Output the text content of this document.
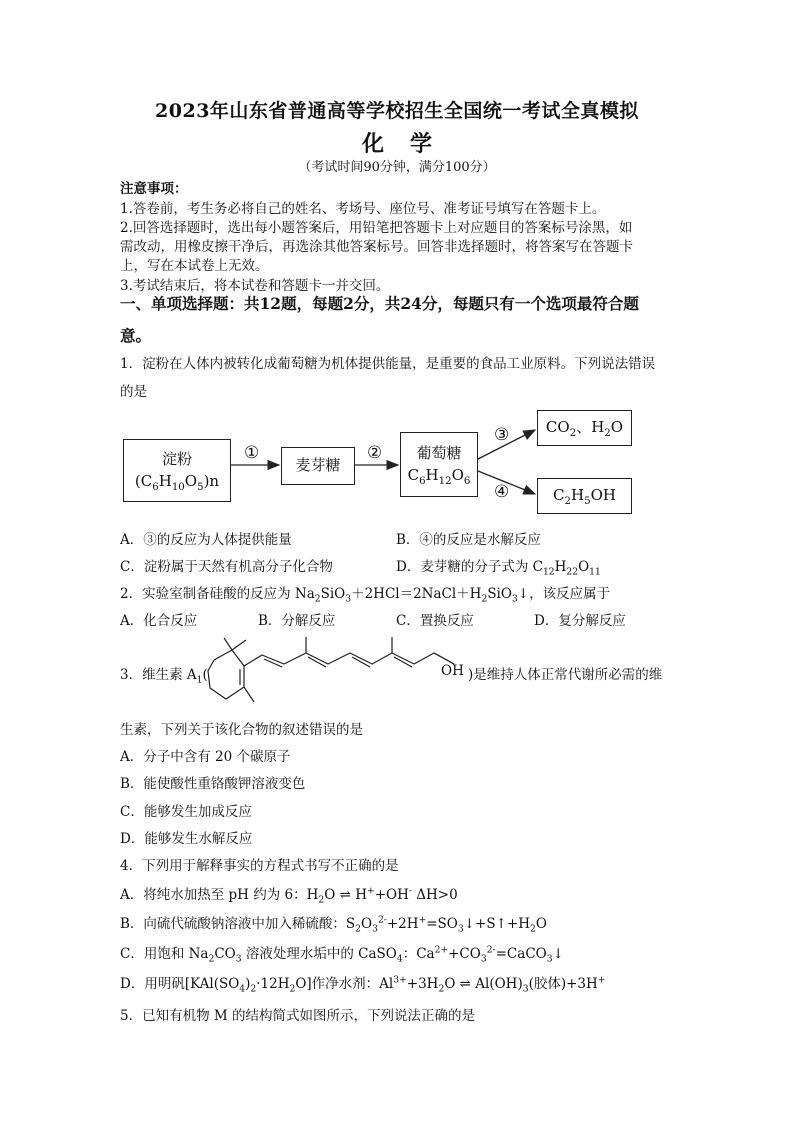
2023年山东省普通高等学校招生全国统一考试全真模拟
化学
（考试时间90分钟，满分100分）
注意事项：
1.答卷前，考生务必将自己的姓名、考场号、座位号、准考证号填写在答题卡上。
2.回答选择题时，选出每小题答案后，用铅笔把答题卡上对应题目的答案标号涂黑，如
需改动，用橡皮擦干净后，再选涂其他答案标号。回答非选择题时，将答案写在答题卡
上，写在本试卷上无效。
3.考试结束后，将本试卷和答题卡一并交回。
一、单项选择题：共12题，每题2分，共24分，每题只有一个选项最符合题
意。
1．淀粉在人体内被转化成葡萄糖为机体提供能量，是重要的食品工业原料。下列说法错误
的是
淀粉
$(C_6H_{10}O_5)n$
麦芽糖
葡萄糖
$C_6H_{12}O_6$
$CO_2$、$H_2O$
$C_2H_5OH$
①	②
③
④
A．③的反应为人体提供能量	B．④的反应是水解反应
C．淀粉属于天然有机高分子化合物	D．麦芽糖的分子式为 $C_{12}H_{22}O_{11}$
2．实验室制备硅酸的反应为 $Na_2SiO_3+2HCl=2NaCl+H_2SiO_3↓$，该反应属于
A．化合反应	B．分解反应	C．置换反应	D．复分解反应
3．维生素 $A_1$(	OH )是维持人体正常代谢所必需的维
生素，下列关于该化合物的叙述错误的是
A．分子中含有 20 个碳原子
B．能使酸性重铬酸钾溶液变色
C．能够发生加成反应
D．能够发生水解反应
4．下列用于解释事实的方程式书写不正确的是
A．将纯水加热至 pH 约为 6：$H_2O$ ⇌ H++OH- ΔH>0
B．向硫代硫酸钠溶液中加入稀硫酸：$S_2O_3^{2-}+2H^+=SO_3↓+S↑+H_2O$
C．用饱和 $Na_2CO_3$ 溶液处理水垢中的 CaSO$_4$：$Ca^{2+}+CO_3^{2-}=CaCO_3↓$
D．用明矾$[KAl(SO_4)_2\cdot 12H_2O]$作净水剂：$Al^{3+}+3H_2O$ ⇌ $Al(OH)_3$(胶体)+3H+
5．已知有机物 M 的结构简式如图所示，下列说法正确的是
